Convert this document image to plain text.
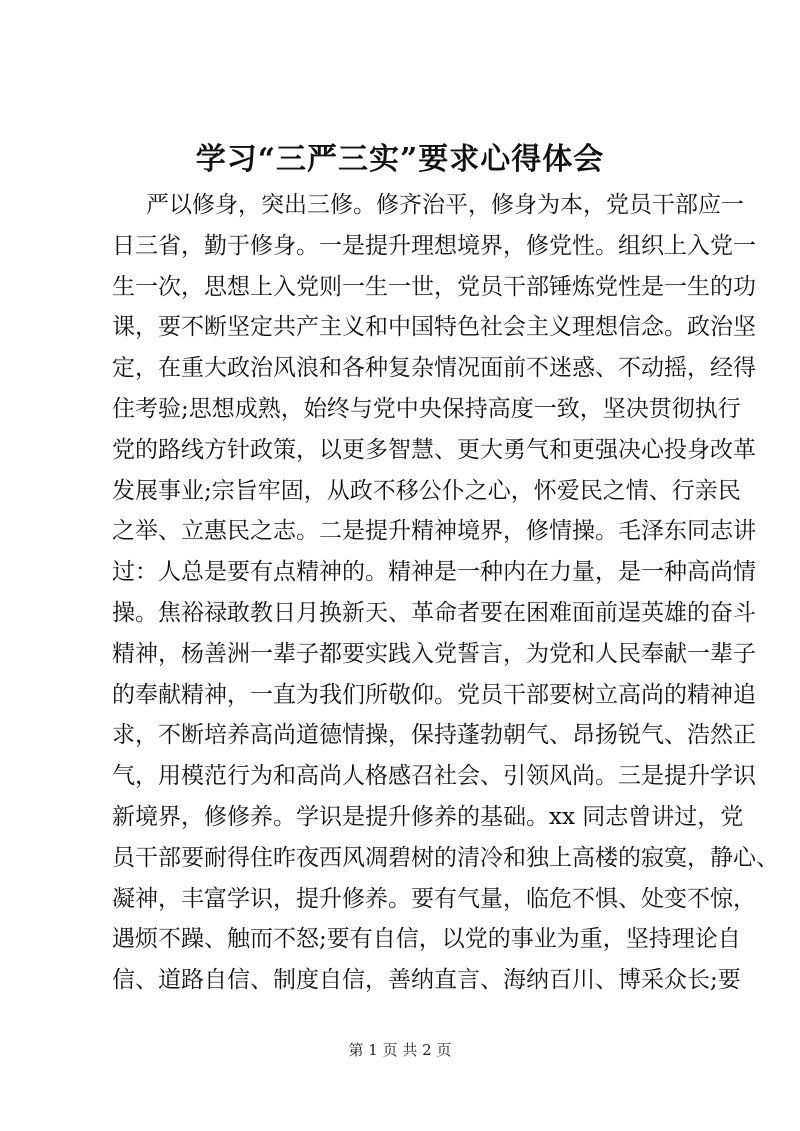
学习“三严三实”要求心得体会
严以修身，突出三修。修齐治平，修身为本，党员干部应一
日三省，勤于修身。一是提升理想境界，修党性。组织上入党一
生一次，思想上入党则一生一世，党员干部锤炼党性是一生的功
课，要不断坚定共产主义和中国特色社会主义理想信念。政治坚
定，在重大政治风浪和各种复杂情况面前不迷惑、不动摇，经得
住考验;思想成熟，始终与党中央保持高度一致，坚决贯彻执行
党的路线方针政策，以更多智慧、更大勇气和更强决心投身改革
发展事业;宗旨牢固，从政不移公仆之心，怀爱民之情、行亲民
之举、立惠民之志。二是提升精神境界，修情操。毛泽东同志讲
过：人总是要有点精神的。精神是一种内在力量，是一种高尚情
操。焦裕禄敢教日月换新天、革命者要在困难面前逞英雄的奋斗
精神，杨善洲一辈子都要实践入党誓言，为党和人民奉献一辈子
的奉献精神，一直为我们所敬仰。党员干部要树立高尚的精神追
求，不断培养高尚道德情操，保持蓬勃朝气、昂扬锐气、浩然正
气，用模范行为和高尚人格感召社会、引领风尚。三是提升学识
新境界，修修养。学识是提升修养的基础。xx 同志曾讲过，党
员干部要耐得住昨夜西风凋碧树的清冷和独上高楼的寂寞，静心、
凝神，丰富学识，提升修养。要有气量，临危不惧、处变不惊，
遇烦不躁、触而不怒;要有自信，以党的事业为重，坚持理论自
信、道路自信、制度自信，善纳直言、海纳百川、博采众长;要
第 1 页 共 2 页
